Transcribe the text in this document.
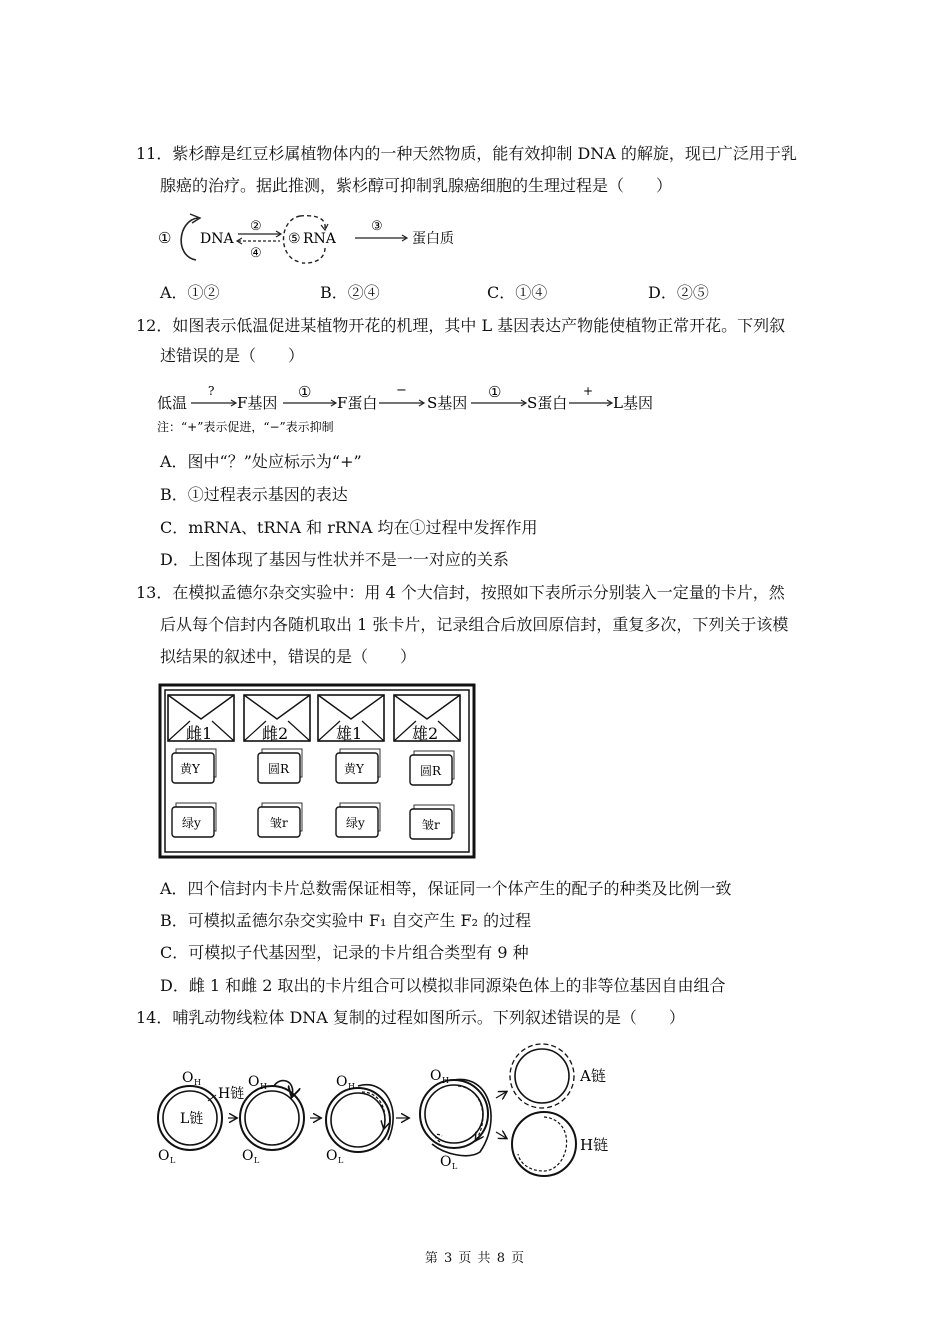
11．紫杉醇是红豆杉属植物体内的一种天然物质，能有效抑制 DNA 的解旋，现已广泛用于乳
腺癌的治疗。据此推测，紫杉醇可抑制乳腺癌细胞的生理过程是（　　）
① DNA
②
④
⑤ RNA
③
蛋白质
A．①②	B．②④	C．①④	D．②⑤
12．如图表示低温促进某植物开花的机理，其中 L 基因表达产物能使植物正常开花。下列叙
述错误的是（　　）
低温
?
F基因
①
F蛋白
−
S基因
①
S蛋白
+
L基因
注：“+”表示促进，“−”表示抑制
A．图中“？”处应标示为“+”
B．①过程表示基因的表达
C．mRNA、tRNA 和 rRNA 均在①过程中发挥作用
D．上图体现了基因与性状并不是一一对应的关系
13．在模拟孟德尔杂交实验中：用 4 个大信封，按照如下表所示分别装入一定量的卡片，然
后从每个信封内各随机取出 1 张卡片，记录组合后放回原信封，重复多次，下列关于该模
拟结果的叙述中，错误的是（　　）
雌1	雌2	雄1	雄2
黄Y	圆R	黄Y	圆R
绿y	皱r	绿y	皱r
A．四个信封内卡片总数需保证相等，保证同一个体产生的配子的种类及比例一致
B．可模拟孟德尔杂交实验中 F₁ 自交产生 F₂ 的过程
C．可模拟子代基因型，记录的卡片组合类型有 9 种
D．雌 1 和雌 2 取出的卡片组合可以模拟非同源染色体上的非等位基因自由组合
14．哺乳动物线粒体 DNA 复制的过程如图所示。下列叙述错误的是（　　）
O H
H链
L链
O L
O H
O L
O H
O L
O H
O L
A链
H链
第 3 页 共 8 页
